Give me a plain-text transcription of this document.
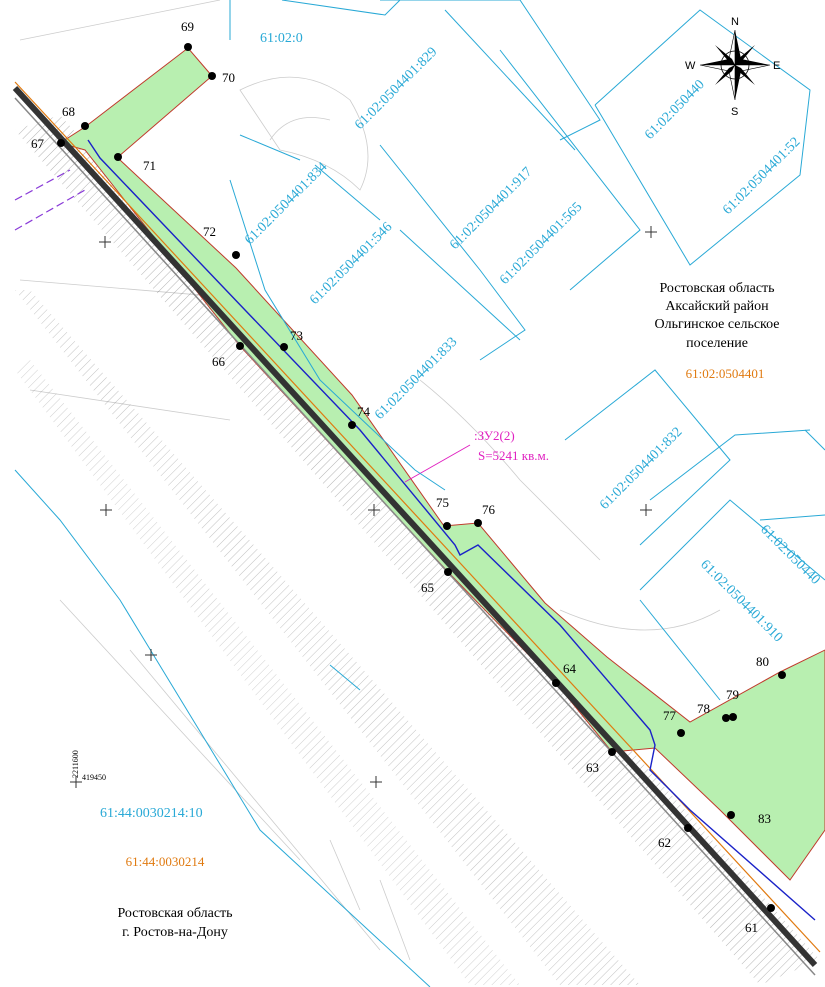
61:02:0
61:02:0504401:829	61:02:050440
61:02:0504401:52
61:02:0504401:834
61:02:0504401:546
61:02:0504401:917
61:02:0504401:565
61:02:0504401:833
61:02:0504401:832
61:02:0504401:910
61:02:050440
61:44:0030214:10
:ЗУ2(2)
S=5241 кв.м.
Ростовская область
Аксайский район
Ольгинское сельское
поселение
61:02:0504401
61:44:0030214
Ростовская область
г. Ростов-на-Дону
2211600 419450
61
62
63
64
65
66
67
68
69
70
71
72
73
74
75	76
77 78
79
80
83
N
S
E
W
